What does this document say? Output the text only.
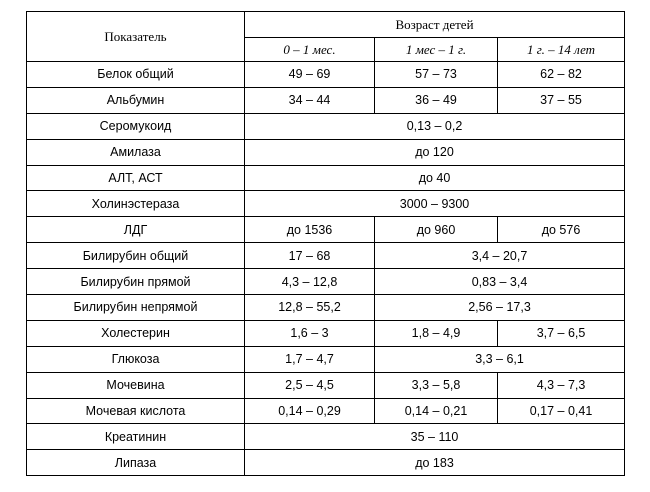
Показатель	Возраст детей		
	0 – 1 мес.	1 мес – 1 г.	1 г. – 14 лет
Белок общий	49 – 69	57 – 73	62 – 82
Альбумин	34 – 44	36 – 49	37 – 55
Серомукоид	0,13 – 0,2		
Амилаза	до 120		
АЛТ, АСТ	до 40		
Холинэстераза	3000 – 9300		
ЛДГ	до 1536	до 960	до 576
Билирубин общий	17 – 68	3,4 – 20,7	
Билирубин прямой	4,3 – 12,8	0,83 – 3,4	
Билирубин непрямой	12,8 – 55,2	2,56 – 17,3	
Холестерин	1,6 – 3	1,8 – 4,9	3,7 – 6,5
Глюкоза	1,7 – 4,7	3,3 – 6,1	
Мочевина	2,5 – 4,5	3,3 – 5,8	4,3 – 7,3
Мочевая кислота	0,14 – 0,29	0,14 – 0,21	0,17 – 0,41
Креатинин	35 – 110		
Липаза	до 183		
